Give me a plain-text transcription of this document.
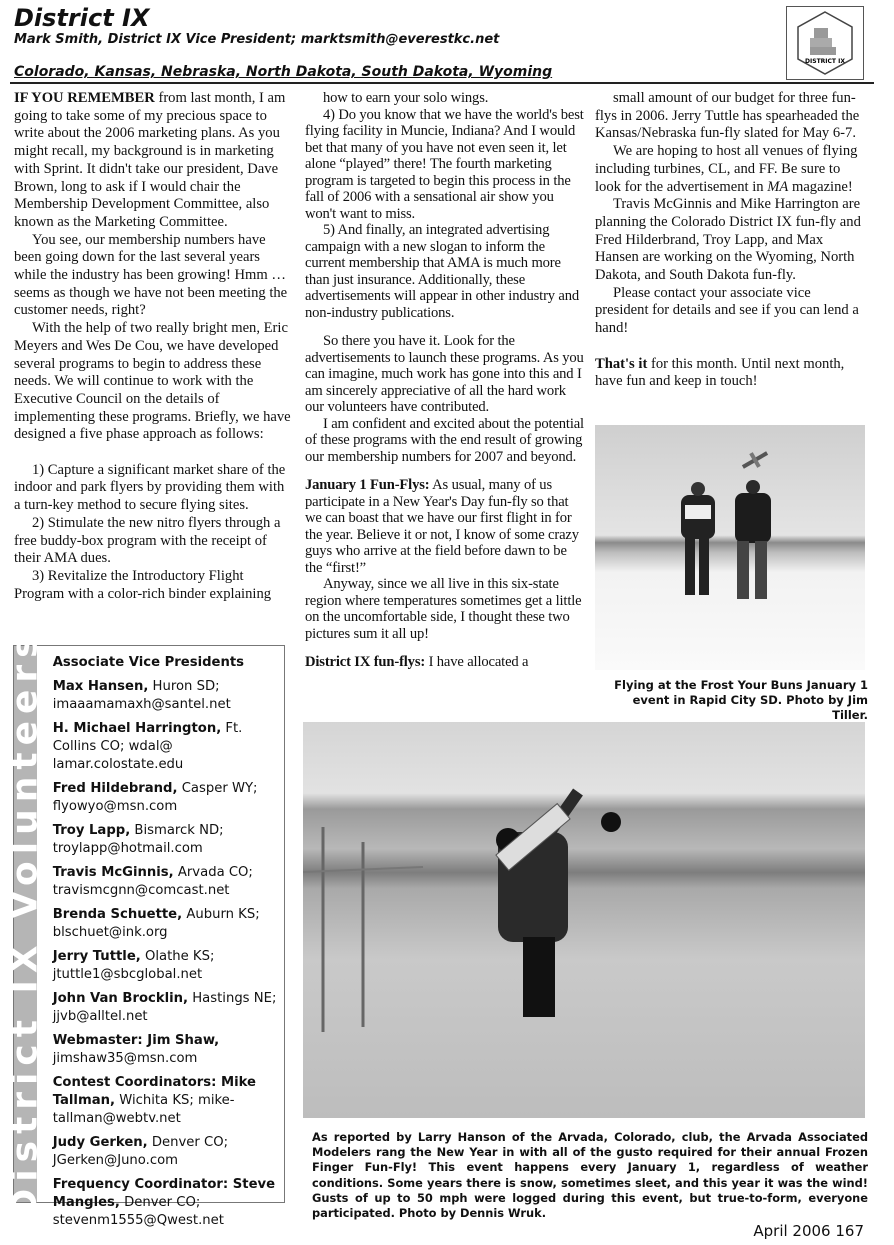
District IX
Mark Smith, District IX Vice President; marktsmith@everestkc.net
Colorado, Kansas, Nebraska, North Dakota, South Dakota, Wyoming
DISTRICT IX

IF YOU REMEMBER from last month, I am going to take some of my precious space to write about the 2006 marketing plans. As you might recall, my background is in marketing with Sprint. It didn't take our president, Dave Brown, long to ask if I would chair the Membership Development Committee, also known as the Marketing Committee.

You see, our membership numbers have been going down for the last several years while the industry has been growing! Hmm … seems as though we have not been meeting the customer needs, right?

With the help of two really bright men, Eric Meyers and Wes De Cou, we have developed several programs to begin to address these needs. We will continue to work with the Executive Council on the details of implementing these programs. Briefly, we have designed a five phase approach as follows:

1) Capture a significant market share of the indoor and park flyers by providing them with a turn-key method to secure flying sites.

2) Stimulate the new nitro flyers through a free buddy-box program with the receipt of their AMA dues.

3) Revitalize the Introductory Flight Program with a color-rich binder explaining

how to earn your solo wings.

4) Do you know that we have the world's best flying facility in Muncie, Indiana? And I would bet that many of you have not even seen it, let alone “played” there! The fourth marketing program is targeted to begin this process in the fall of 2006 with a sensational air show you won't want to miss.

5) And finally, an integrated advertising campaign with a new slogan to inform the current membership that AMA is much more than just insurance. Additionally, these advertisements will appear in other industry and non-industry publications.

So there you have it. Look for the advertisements to launch these programs. As you can imagine, much work has gone into this and I am sincerely appreciative of all the hard work our volunteers have contributed.

I am confident and excited about the potential of these programs with the end result of growing our membership numbers for 2007 and beyond.

January 1 Fun-Flys: As usual, many of us participate in a New Year's Day fun-fly so that we can boast that we have our first flight in for the year. Believe it or not, I know of some crazy guys who arrive at the field before dawn to be the “first!”

Anyway, since we all live in this six-state region where temperatures sometimes get a little on the uncomfortable side, I thought these two pictures sum it all up!

District IX fun-flys: I have allocated a

small amount of our budget for three fun-flys in 2006. Jerry Tuttle has spearheaded the Kansas/Nebraska fun-fly slated for May 6-7.

We are hoping to host all venues of flying including turbines, CL, and FF. Be sure to look for the advertisement in MA magazine!

Travis McGinnis and Mike Harrington are planning the Colorado District IX fun-fly and Fred Hilderbrand, Troy Lapp, and Max Hansen are working on the Wyoming, North Dakota, and South Dakota fun-fly.

Please contact your associate vice president for details and see if you can lend a hand!

That's it for this month. Until next month, have fun and keep in touch!

District IX Volunteers Associate Vice Presidents
Max Hansen, Huron SD; imaaamamaxh@santel.net
H. Michael Harrington, Ft. Collins CO; wdal@ lamar.colostate.edu
Fred Hildebrand, Casper WY; flyowyo@msn.com
Troy Lapp, Bismarck ND; troylapp@hotmail.com
Travis McGinnis, Arvada CO; travismcgnn@comcast.net
Brenda Schuette, Auburn KS; blschuet@ink.org
Jerry Tuttle, Olathe KS; jtuttle1@sbcglobal.net
John Van Brocklin, Hastings NE; jjvb@alltel.net
Webmaster: Jim Shaw, jimshaw35@msn.com
Contest Coordinators: Mike Tallman, Wichita KS; mike-tallman@webtv.net
Judy Gerken, Denver CO; JGerken@Juno.com
Frequency Coordinator: Steve Mangles, Denver CO; stevenm1555@Qwest.net
Flying at the Frost Your Buns January 1 event in Rapid City SD. Photo by Jim Tiller.
As reported by Larry Hanson of the Arvada, Colorado, club, the Arvada Associated Modelers rang the New Year in with all of the gusto required for their annual Frozen Finger Fun-Fly! This event happens every January 1, regardless of weather conditions. Some years there is snow, sometimes sleet, and this year it was the wind! Gusts of up to 50 mph were logged during this event, but true-to-form, everyone participated. Photo by Dennis Wruk.
April 2006 167
